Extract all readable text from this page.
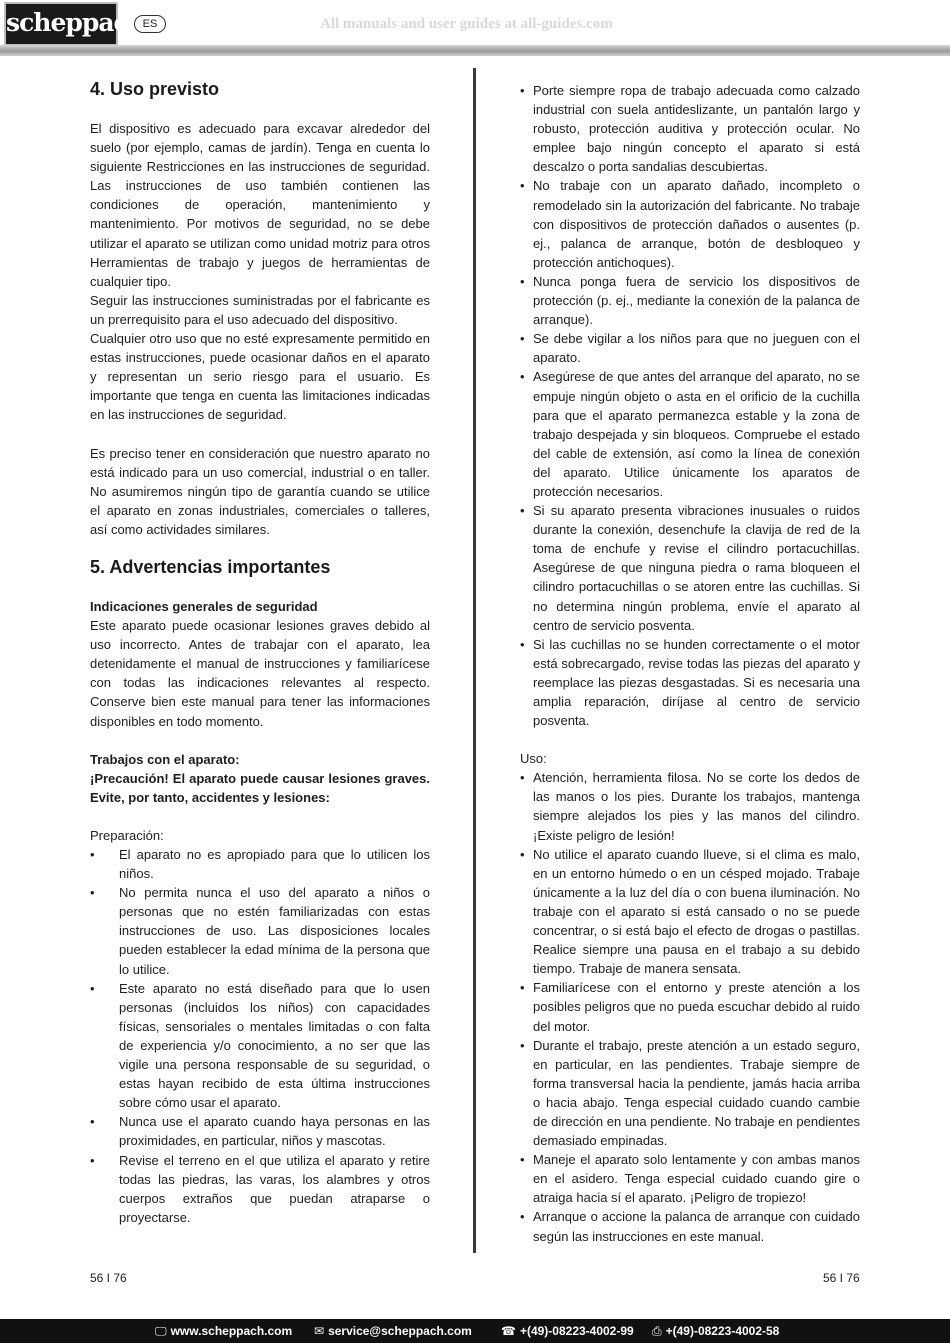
scheppach
ES	All manuals and user guides at all-guides.com
4. Uso previsto

El dispositivo es adecuado para excavar alrededor del suelo (por ejemplo, camas de jardín). Tenga en cuenta lo siguiente Restricciones en las instrucciones de seguridad. Las instrucciones de uso también contienen las condiciones de operación, mantenimiento y mantenimiento. Por motivos de seguridad, no se debe utilizar el aparato se utilizan como unidad motriz para otros Herramientas de trabajo y juegos de herramientas de cualquier tipo.

Seguir las instrucciones suministradas por el fabricante es un prerrequisito para el uso adecuado del dispositivo.

Cualquier otro uso que no esté expresamente permitido en estas instrucciones, puede ocasionar daños en el aparato y representan un serio riesgo para el usuario. Es importante que tenga en cuenta las limitaciones indicadas en las instrucciones de seguridad.

Es preciso tener en consideración que nuestro aparato no está indicado para un uso comercial, industrial o en taller. No asumiremos ningún tipo de garantía cuando se utilice el aparato en zonas industriales, comerciales o talleres, así como actividades similares.

5. Advertencias importantes

Indicaciones generales de seguridad

Este aparato puede ocasionar lesiones graves debido al uso incorrecto. Antes de trabajar con el aparato, lea detenidamente el manual de instrucciones y familiarícese con todas las indicaciones relevantes al respecto. Conserve bien este manual para tener las informaciones disponibles en todo momento.

Trabajos con el aparato:

¡Precaución! El aparato puede causar lesiones graves. Evite, por tanto, accidentes y lesiones:

Preparación:

• El aparato no es apropiado para que lo utilicen los niños.
• No permita nunca el uso del aparato a niños o personas que no estén familiarizadas con estas instrucciones de uso. Las disposiciones locales pueden establecer la edad mínima de la persona que lo utilice.
• Este aparato no está diseñado para que lo usen personas (incluidos los niños) con capacidades físicas, sensoriales o mentales limitadas o con falta de experiencia y/o conocimiento, a no ser que las vigile una persona responsable de su seguridad, o estas hayan recibido de esta última instrucciones sobre cómo usar el aparato.
• Nunca use el aparato cuando haya personas en las proximidades, en particular, niños y mascotas.
• Revise el terreno en el que utiliza el aparato y retire todas las piedras, las varas, los alambres y otros cuerpos extraños que puedan atraparse o proyectarse.
• Porte siempre ropa de trabajo adecuada como calzado industrial con suela antideslizante, un pantalón largo y robusto, protección auditiva y protección ocular. No emplee bajo ningún concepto el aparato si está descalzo o porta sandalias descubiertas.
• No trabaje con un aparato dañado, incompleto o remodelado sin la autorización del fabricante. No trabaje con dispositivos de protección dañados o ausentes (p. ej., palanca de arranque, botón de desbloqueo y protección antichoques).
• Nunca ponga fuera de servicio los dispositivos de protección (p. ej., mediante la conexión de la palanca de arranque).
• Se debe vigilar a los niños para que no jueguen con el aparato.
• Asegúrese de que antes del arranque del aparato, no se empuje ningún objeto o asta en el orificio de la cuchilla para que el aparato permanezca estable y la zona de trabajo despejada y sin bloqueos. Compruebe el estado del cable de extensión, así como la línea de conexión del aparato. Utilice únicamente los aparatos de protección necesarios.
• Si su aparato presenta vibraciones inusuales o ruidos durante la conexión, desenchufe la clavija de red de la toma de enchufe y revise el cilindro portacuchillas. Asegúrese de que ninguna piedra o rama bloqueen el cilindro portacuchillas o se atoren entre las cuchillas. Si no determina ningún problema, envíe el aparato al centro de servicio posventa.
• Si las cuchillas no se hunden correctamente o el motor está sobrecargado, revise todas las piezas del aparato y reemplace las piezas desgastadas. Si es necesaria una amplia reparación, diríjase al centro de servicio posventa.

Uso:

• Atención, herramienta filosa. No se corte los dedos de las manos o los pies. Durante los trabajos, mantenga siempre alejados los pies y las manos del cilindro. ¡Existe peligro de lesión!
• No utilice el aparato cuando llueve, si el clima es malo, en un entorno húmedo o en un césped mojado. Trabaje únicamente a la luz del día o con buena iluminación. No trabaje con el aparato si está cansado o no se puede concentrar, o si está bajo el efecto de drogas o pastillas. Realice siempre una pausa en el trabajo a su debido tiempo. Trabaje de manera sensata.
• Familiarícese con el entorno y preste atención a los posibles peligros que no pueda escuchar debido al ruido del motor.
• Durante el trabajo, preste atención a un estado seguro, en particular, en las pendientes. Trabaje siempre de forma transversal hacia la pendiente, jamás hacia arriba o hacia abajo. Tenga especial cuidado cuando cambie de dirección en una pendiente. No trabaje en pendientes demasiado empinadas.
• Maneje el aparato solo lentamente y con ambas manos en el asidero. Tenga especial cuidado cuando gire o atraiga hacia sí el aparato. ¡Peligro de tropiezo!
• Arranque o accione la palanca de arranque con cuidado según las instrucciones en este manual.
56 I 76	56 I 76
🖵 www.scheppach.com ✉ service@scheppach.com ☎ +(49)-08223-4002-99 ⎙ +(49)-08223-4002-58
